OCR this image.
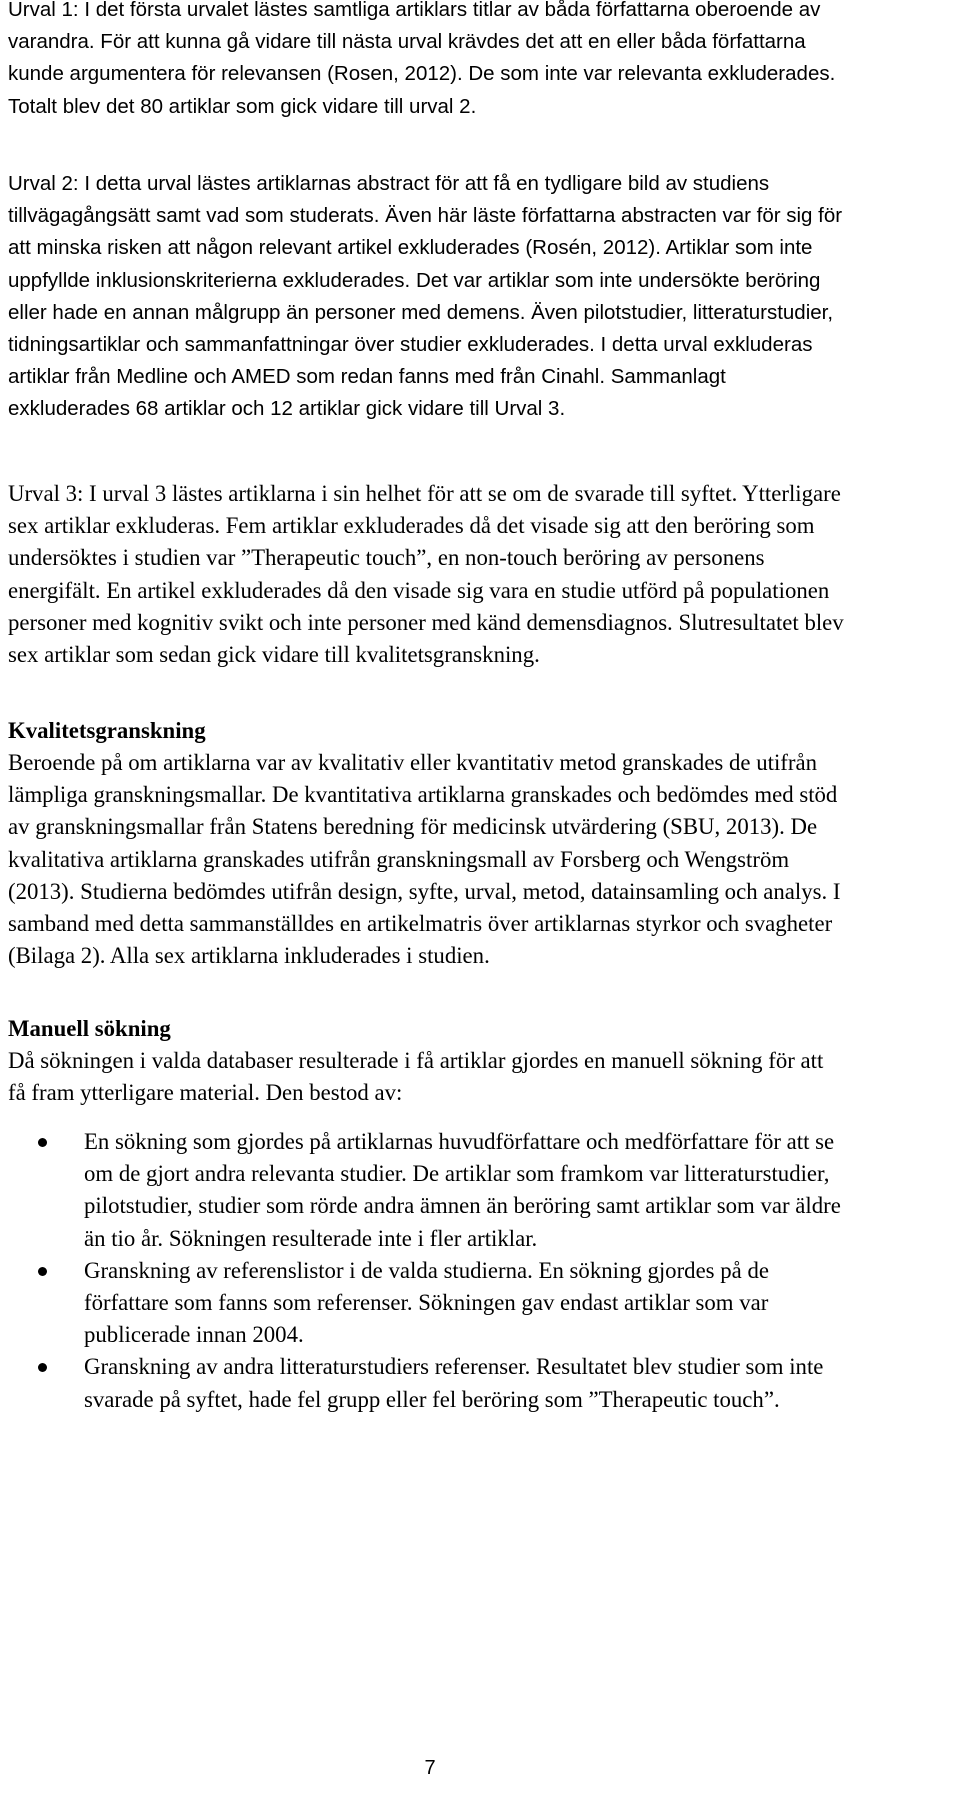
Urval 1: I det första urvalet lästes samtliga artiklars titlar av båda författarna oberoende av varandra. För att kunna gå vidare till nästa urval krävdes det att en eller båda författarna kunde argumentera för relevansen (Rosen, 2012). De som inte var relevanta exkluderades. Totalt blev det 80 artiklar som gick vidare till urval 2.

Urval 2: I detta urval lästes artiklarnas abstract för att få en tydligare bild av studiens tillvägagångsätt samt vad som studerats. Även här läste författarna abstracten var för sig för att minska risken att någon relevant artikel exkluderades (Rosén, 2012). Artiklar som inte uppfyllde inklusionskriterierna exkluderades. Det var artiklar som inte undersökte beröring eller hade en annan målgrupp än personer med demens. Även pilotstudier, litteraturstudier, tidningsartiklar och sammanfattningar över studier exkluderades. I detta urval exkluderas artiklar från Medline och AMED som redan fanns med från Cinahl. Sammanlagt exkluderades 68 artiklar och 12 artiklar gick vidare till Urval 3.

Urval 3: I urval 3 lästes artiklarna i sin helhet för att se om de svarade till syftet. Ytterligare sex artiklar exkluderas. Fem artiklar exkluderades då det visade sig att den beröring som undersöktes i studien var ”Therapeutic touch”, en non-touch beröring av personens energifält. En artikel exkluderades då den visade sig vara en studie utförd på populationen personer med kognitiv svikt och inte personer med känd demensdiagnos. Slutresultatet blev sex artiklar som sedan gick vidare till kvalitetsgranskning.

Kvalitetsgranskning

Beroende på om artiklarna var av kvalitativ eller kvantitativ metod granskades de utifrån lämpliga granskningsmallar. De kvantitativa artiklarna granskades och bedömdes med stöd av granskningsmallar från Statens beredning för medicinsk utvärdering (SBU, 2013). De kvalitativa artiklarna granskades utifrån granskningsmall av Forsberg och Wengström (2013). Studierna bedömdes utifrån design, syfte, urval, metod, datainsamling och analys. I samband med detta sammanställdes en artikelmatris över artiklarnas styrkor och svagheter (Bilaga 2). Alla sex artiklarna inkluderades i studien.

Manuell sökning

Då sökningen i valda databaser resulterade i få artiklar gjordes en manuell sökning för att få fram ytterligare material. Den bestod av:

En sökning som gjordes på artiklarnas huvudförfattare och medförfattare för att se om de gjort andra relevanta studier. De artiklar som framkom var litteraturstudier, pilotstudier, studier som rörde andra ämnen än beröring samt artiklar som var äldre än tio år. Sökningen resulterade inte i fler artiklar.
Granskning av referenslistor i de valda studierna. En sökning gjordes på de författare som fanns som referenser. Sökningen gav endast artiklar som var publicerade innan 2004.
Granskning av andra litteraturstudiers referenser. Resultatet blev studier som inte svarade på syftet, hade fel grupp eller fel beröring som ”Therapeutic touch”.
7
